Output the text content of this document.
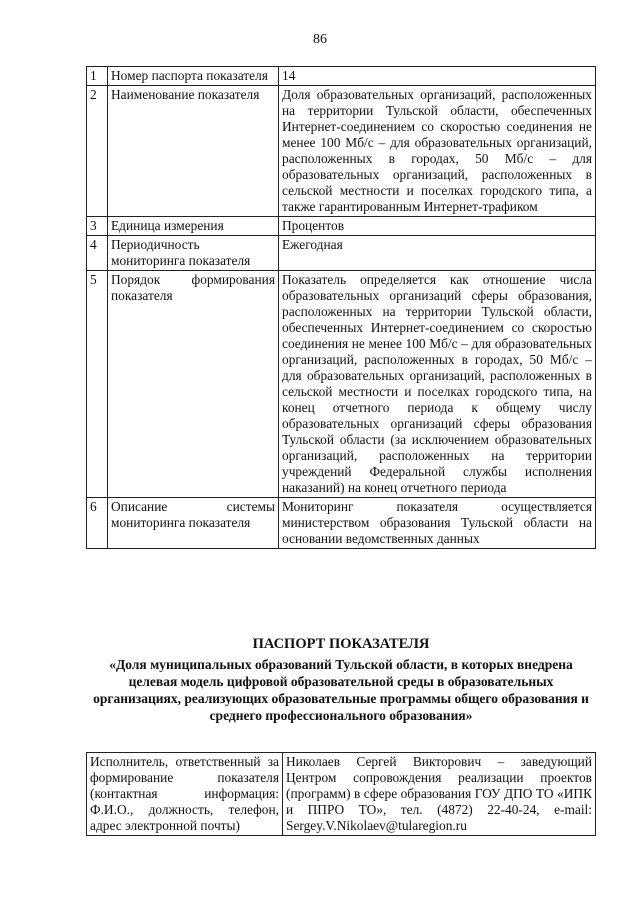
86
1	Номер паспорта показателя	14
2	Наименование показателя	Доля образовательных организаций, расположенных на территории Тульской области, обеспеченных Интернет-соединением со скоростью соединения не менее 100 Мб/с – для образовательных организаций, расположенных в городах, 50 Мб/с – для образовательных организаций, расположенных в сельской местности и поселках городского типа, а также гарантированным Интернет-трафиком
3	Единица измерения	Процентов
4	Периодичность мониторинга показателя	Ежегодная
5	Порядок формирования показателя	Показатель определяется как отношение числа образовательных организаций сферы образования, расположенных на территории Тульской области, обеспеченных Интернет-соединением со скоростью соединения не менее 100 Мб/с – для образовательных организаций, расположенных в городах, 50 Мб/с – для образовательных организаций, расположенных в сельской местности и поселках городского типа, на конец отчетного периода к общему числу образовательных организаций сферы образования Тульской области (за исключением образовательных организаций, расположенных на территории учреждений Федеральной службы исполнения наказаний) на конец отчетного периода
6	Описание системы мониторинга показателя	Мониторинг показателя осуществляется министерством образования Тульской области на основании ведомственных данных
ПАСПОРТ ПОКАЗАТЕЛЯ
«Доля муниципальных образований Тульской области, в которых внедрена целевая модель цифровой образовательной среды в образовательных организациях, реализующих образовательные программы общего образования и среднего профессионального образования»
Исполнитель, ответственный за формирование показателя (контактная информация: Ф.И.О., должность, телефон, адрес электронной почты)	Николаев Сергей Викторович – заведующий Центром сопровождения реализации проектов (программ) в сфере образования ГОУ ДПО ТО «ИПК и ППРО ТО», тел. (4872) 22-40-24, e-mail: Sergey.V.Nikolaev@tularegion.ru
